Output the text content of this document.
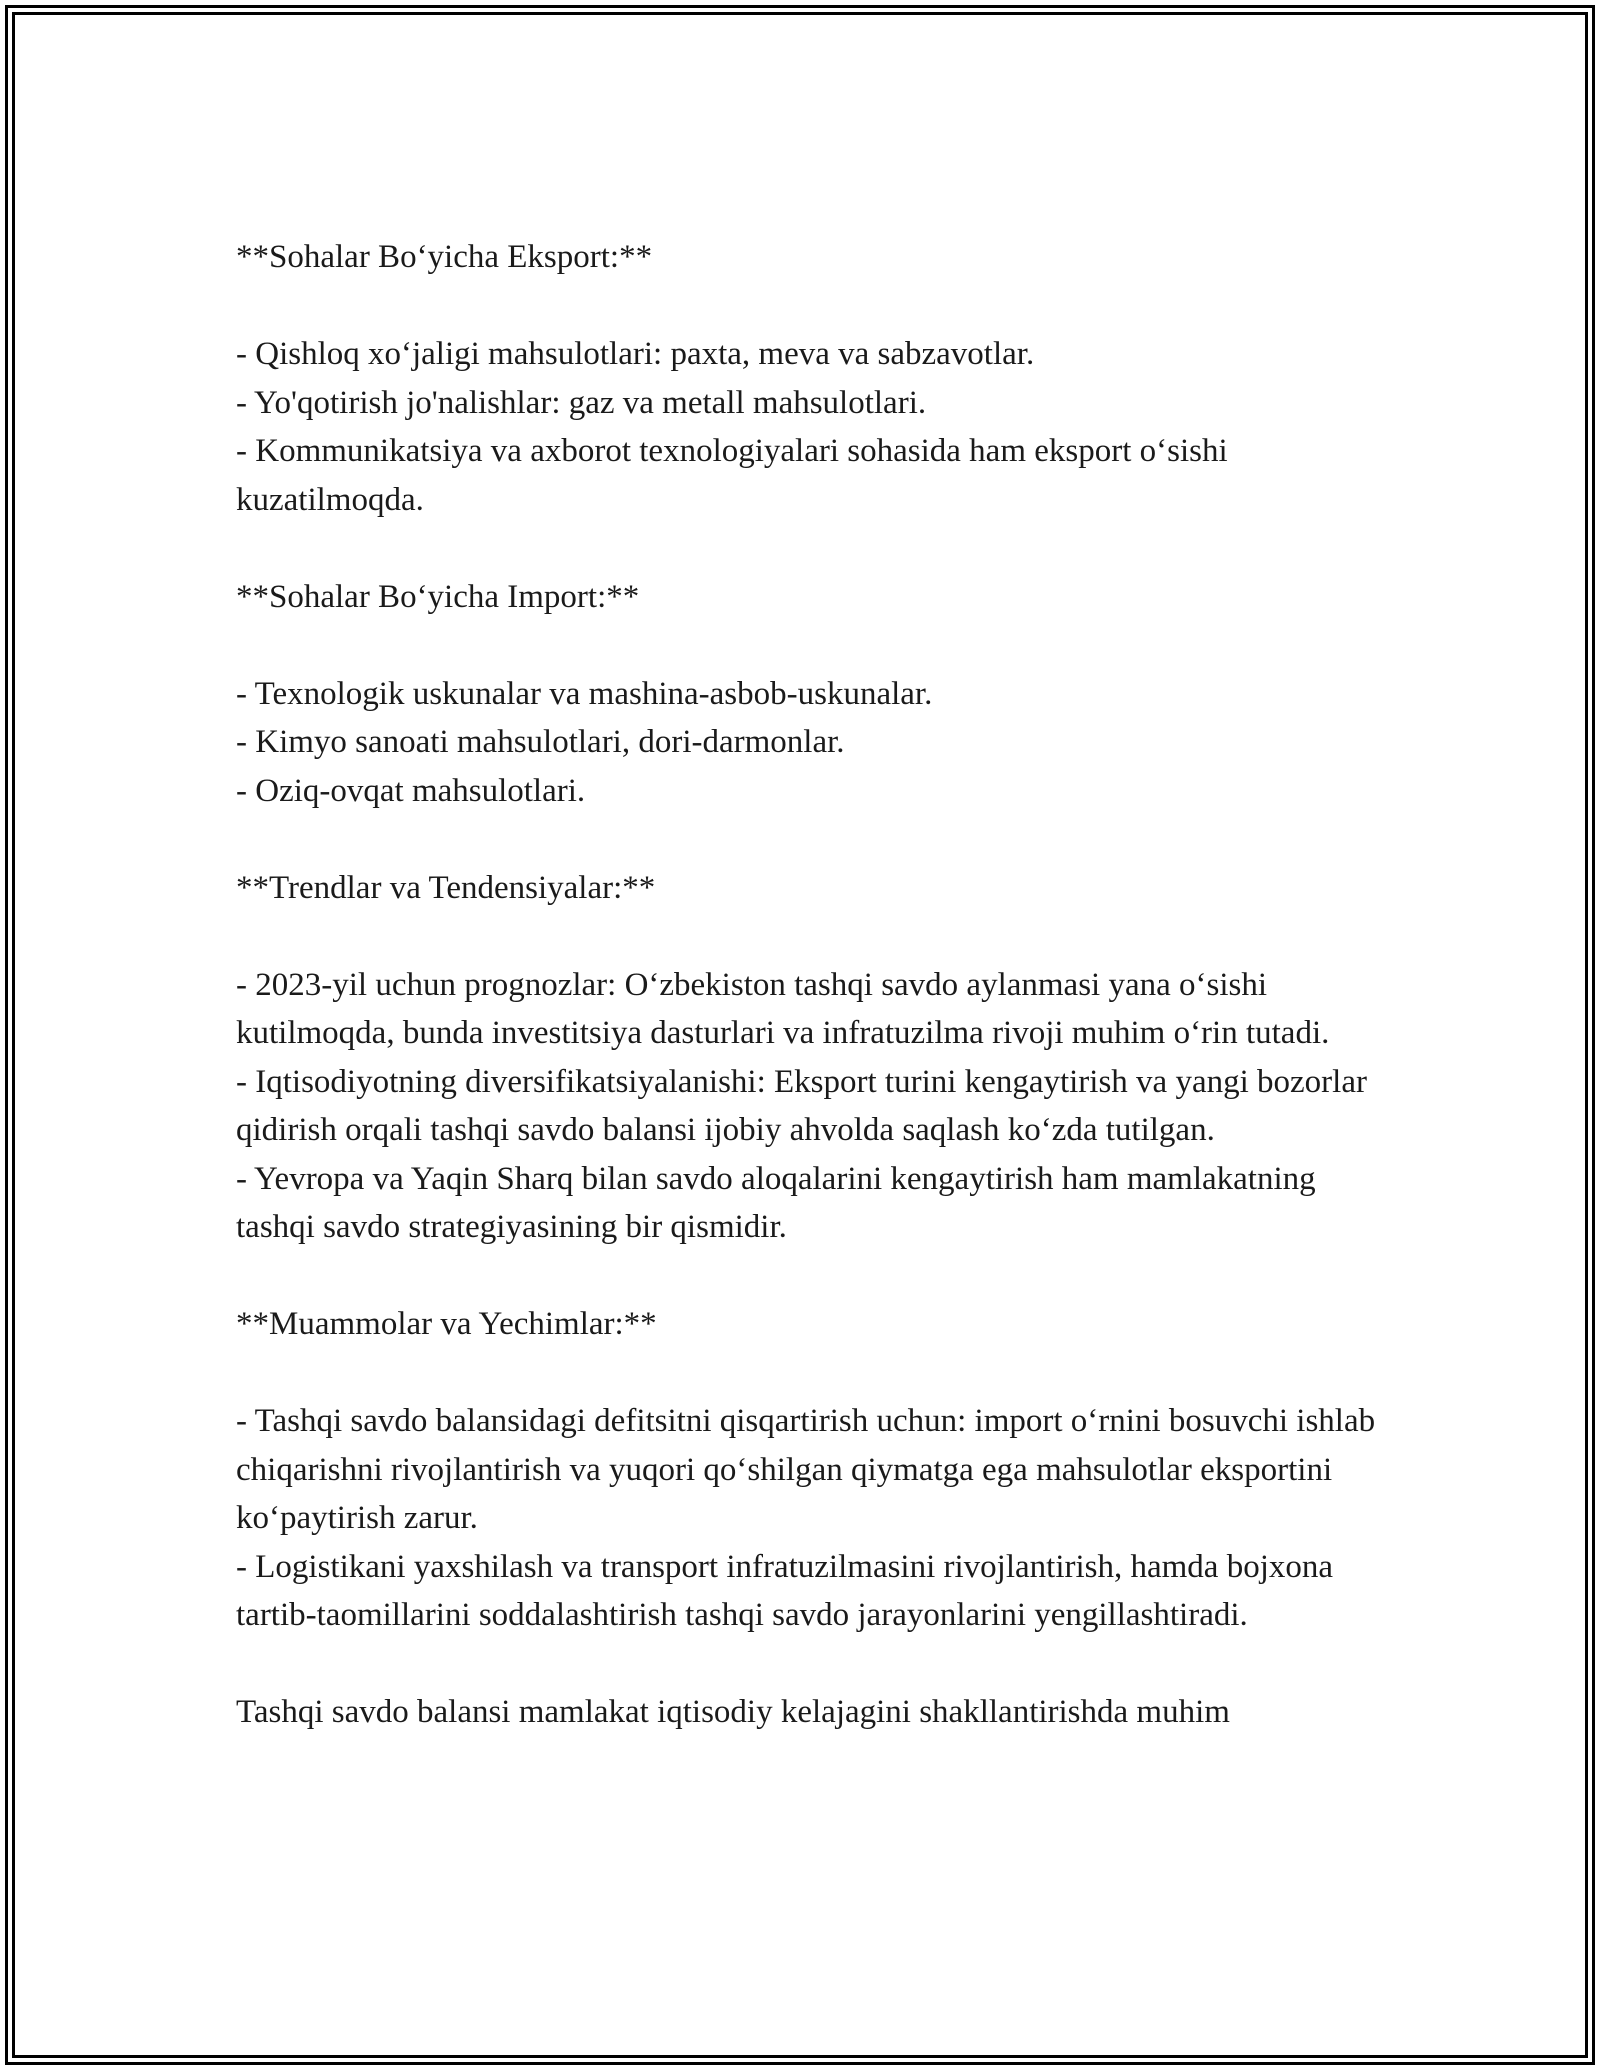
**Sohalar Bo‘yicha Eksport:**

- Qishloq xo‘jaligi mahsulotlari: paxta, meva va sabzavotlar.

- Yo'qotirish jo'nalishlar: gaz va metall mahsulotlari.

- Kommunikatsiya va axborot texnologiyalari sohasida ham eksport o‘sishi kuzatilmoqda.

**Sohalar Bo‘yicha Import:**

- Texnologik uskunalar va mashina-asbob-uskunalar.

- Kimyo sanoati mahsulotlari, dori-darmonlar.

- Oziq-ovqat mahsulotlari.

**Trendlar va Tendensiyalar:**

- 2023-yil uchun prognozlar: O‘zbekiston tashqi savdo aylanmasi yana o‘sishi kutilmoqda, bunda investitsiya dasturlari va infratuzilma rivoji muhim o‘rin tutadi.

- Iqtisodiyotning diversifikatsiyalanishi: Eksport turini kengaytirish va yangi bozorlar qidirish orqali tashqi savdo balansi ijobiy ahvolda saqlash ko‘zda tutilgan.

- Yevropa va Yaqin Sharq bilan savdo aloqalarini kengaytirish ham mamlakatning tashqi savdo strategiyasining bir qismidir.

**Muammolar va Yechimlar:**

- Tashqi savdo balansidagi defitsitni qisqartirish uchun: import o‘rnini bosuvchi ishlab chiqarishni rivojlantirish va yuqori qo‘shilgan qiymatga ega mahsulotlar eksportini ko‘paytirish zarur.

- Logistikani yaxshilash va transport infratuzilmasini rivojlantirish, hamda bojxona tartib-taomillarini soddalashtirish tashqi savdo jarayonlarini yengillashtiradi.

Tashqi savdo balansi mamlakat iqtisodiy kelajagini shakllantirishda muhim
